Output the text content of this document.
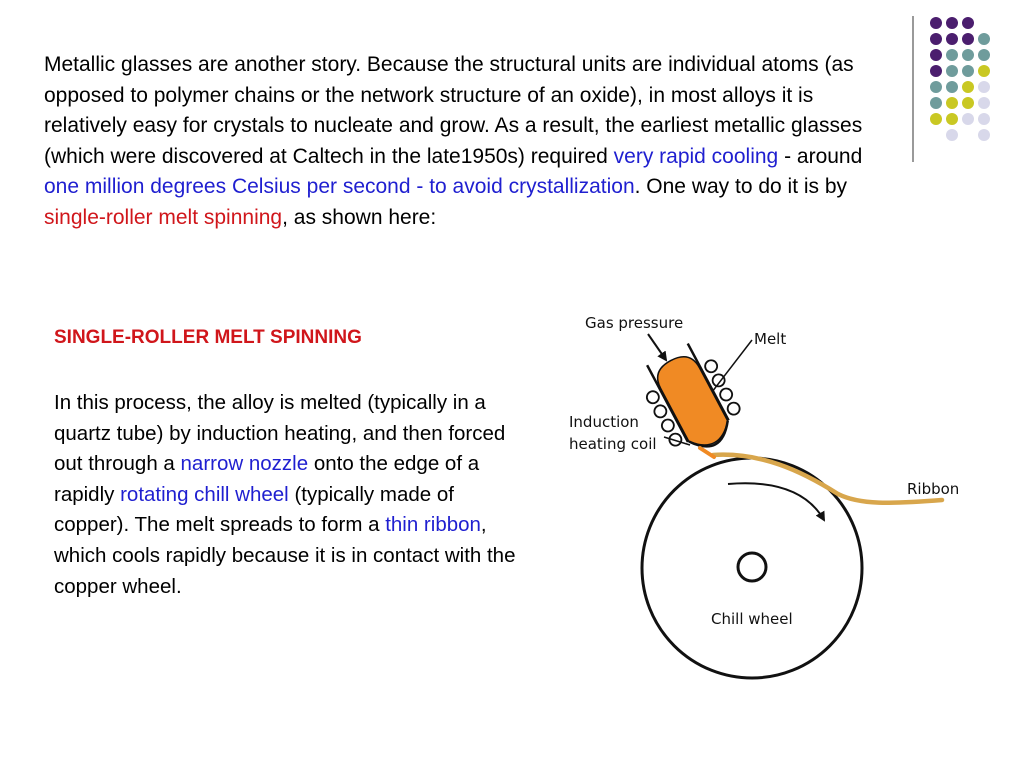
Metallic glasses are another story. Because the structural units are individual atoms (as opposed to polymer chains or the network structure of an oxide), in most alloys it is relatively easy for crystals to nucleate and grow. As a result, the earliest metallic glasses (which were discovered at Caltech in the late1950s) required very rapid cooling - around one million degrees Celsius per second - to avoid crystallization. One way to do it is by single-roller melt spinning, as shown here:

SINGLE-ROLLER MELT SPINNING

In this process, the alloy is melted (typically in a quartz tube) by induction heating, and then forced out through a narrow nozzle onto the edge of a rapidly rotating chill wheel (typically made of copper). The melt spreads to form a thin ribbon, which cools rapidly because it is in contact with the copper wheel.

Gas pressure
Melt
Induction
heating coil
Ribbon
Chill wheel
